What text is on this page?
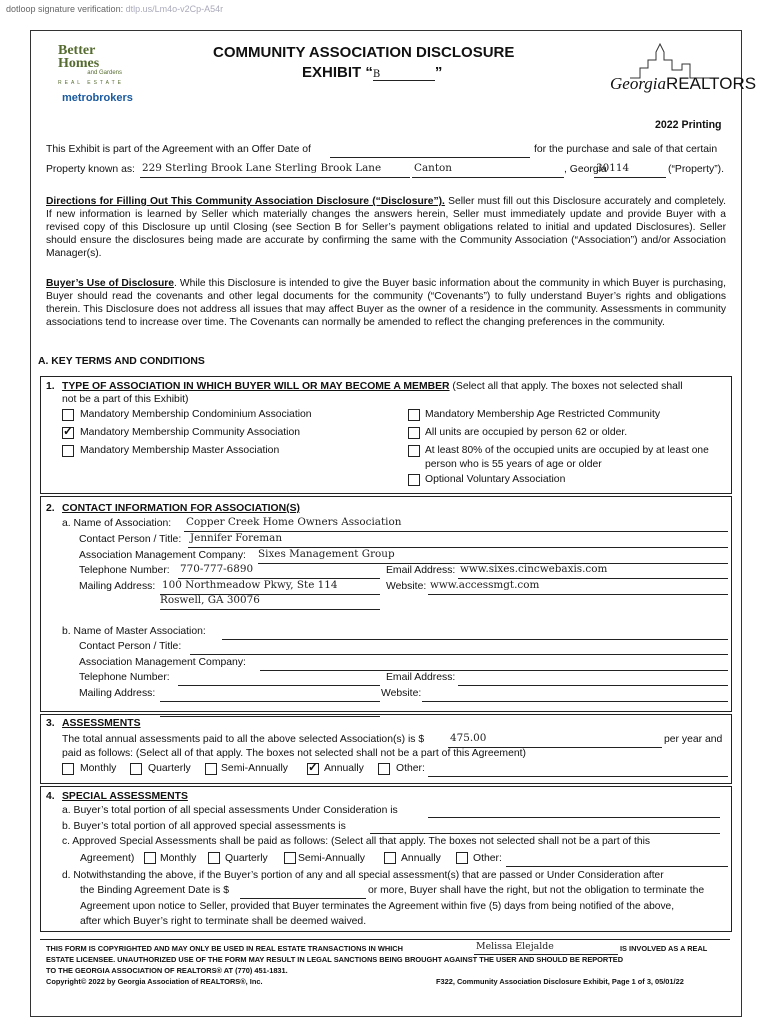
dotloop signature verification: dtlp.us/Lm4o-v2Cp-A54r
Better
Homes
and Gardens
REAL ESTATE
metrobrokers
COMMUNITY ASSOCIATION DISCLOSURE
EXHIBIT “B	”
GeorgiaREALTORS
2022 Printing
This Exhibit is part of the Agreement with an Offer Date of	for the purchase and sale of that certain
Property known as: 229 Sterling Brook Lane Sterling Brook Lane	Canton	, Georgia
30114	(“Property”).
Directions for Filling Out This Community Association Disclosure (“Disclosure”). Seller must fill out this Disclosure accurately and completely. If new information is learned by Seller which materially changes the answers herein, Seller must immediately update and provide Buyer with a revised copy of this Disclosure up until Closing (see Section B for Seller’s payment obligations related to initial and updated Disclosures). Seller should ensure the disclosures being made are accurate by confirming the same with the Community Association (“Association”) and/or Association Manager(s).
Buyer’s Use of Disclosure. While this Disclosure is intended to give the Buyer basic information about the community in which Buyer is purchasing, Buyer should read the covenants and other legal documents for the community (“Covenants”) to fully understand Buyer’s rights and obligations therein. This Disclosure does not address all issues that may affect Buyer as the owner of a residence in the community. Assessments in community associations tend to increase over time. The Covenants can normally be amended to reflect the changing preferences in the community.
A. KEY TERMS AND CONDITIONS
1. TYPE OF ASSOCIATION IN WHICH BUYER WILL OR MAY BECOME A MEMBER (Select all that apply. The boxes not selected shall
not be a part of this Exhibit)
Mandatory Membership Condominium Association
✓
Mandatory Membership Community Association
Mandatory Membership Master Association
Mandatory Membership Age Restricted Community
All units are occupied by person 62 or older.
At least 80% of the occupied units are occupied by at least one
person who is 55 years of age or older
Optional Voluntary Association
2. CONTACT INFORMATION FOR ASSOCIATION(S)
a. Name of Association: Copper Creek Home Owners Association
Contact Person / Title: Jennifer Foreman
Association Management Company: Sixes Management Group
Telephone Number: 770-777-6890	Email Address: www.sixes.cincwebaxis.com
Mailing Address: 100 Northmeadow Pkwy, Ste 114	Website: www.accessmgt.com
Roswell, GA 30076
b. Name of Master Association:
Contact Person / Title:
Association Management Company:
Telephone Number:	Email Address:
Mailing Address:	Website:
3. ASSESSMENTS
The total annual assessments paid to all the above selected Association(s) is $ 475.00	per year and
paid as follows: (Select all of that apply. The boxes not selected shall not be a part of this Agreement)
Monthly	Quarterly	Semi-Annually
✓	Annually	Other:
4. SPECIAL ASSESSMENTS
a. Buyer’s total portion of all special assessments Under Consideration is
b. Buyer’s total portion of all approved special assessments is
c. Approved Special Assessments shall be paid as follows: (Select all that apply. The boxes not selected shall not be a part of this
Agreement) Monthly	Quarterly	Semi-Annually	Annually	Other:
d. Notwithstanding the above, if the Buyer’s portion of any and all special assessment(s) that are passed or Under Consideration after
the Binding Agreement Date is $	or more, Buyer shall have the right, but not the obligation to terminate the
Agreement upon notice to Seller, provided that Buyer terminates the Agreement within five (5) days from being notified of the above,
after which Buyer’s right to terminate shall be deemed waived.
THIS FORM IS COPYRIGHTED AND MAY ONLY BE USED IN REAL ESTATE TRANSACTIONS IN WHICH	Melissa Elejalde	IS INVOLVED AS A REAL
ESTATE LICENSEE. UNAUTHORIZED USE OF THE FORM MAY RESULT IN LEGAL SANCTIONS BEING BROUGHT AGAINST THE USER AND SHOULD BE REPORTED
TO THE GEORGIA ASSOCIATION OF REALTORS® AT (770) 451-1831.
Copyright© 2022 by Georgia Association of REALTORS®, Inc.	F322, Community Association Disclosure Exhibit, Page 1 of 3, 05/01/22
